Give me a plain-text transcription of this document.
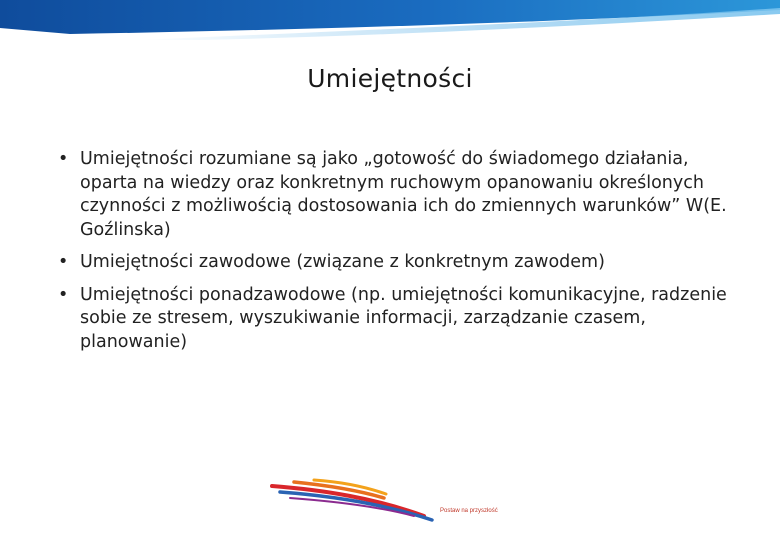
Umiejętności
• Umiejętności rozumiane są jako „gotowość do świadomego działania, oparta na wiedzy oraz konkretnym ruchowym opanowaniu określonych czynności z możliwością dostosowania ich do zmiennych warunków” W(E. Goźlinska)
• Umiejętności zawodowe (związane z konkretnym zawodem)
• Umiejętności ponadzawodowe (np. umiejętności komunikacyjne, radzenie sobie ze stresem, wyszukiwanie informacji, zarządzanie czasem, planowanie)
Postaw na przyszłość
